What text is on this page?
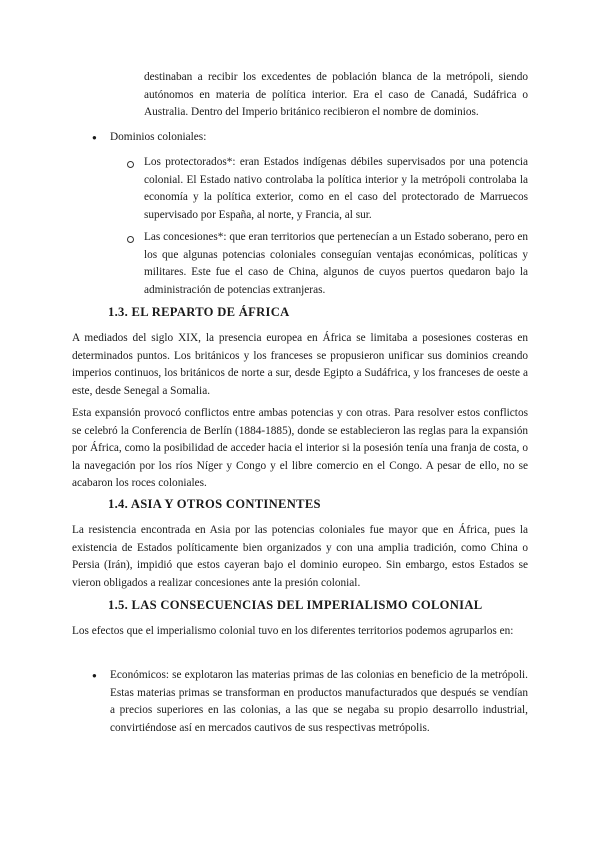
destinaban a recibir los excedentes de población blanca de la metrópoli, siendo autónomos en materia de política interior. Era el caso de Canadá, Sudáfrica o Australia. Dentro del Imperio británico recibieron el nombre de dominios.

● Dominios coloniales:

Los protectorados*: eran Estados indígenas débiles supervisados por una potencia colonial. El Estado nativo controlaba la política interior y la metrópoli controlaba la economía y la política exterior, como en el caso del protectorado de Marruecos supervisado por España, al norte, y Francia, al sur.

Las concesiones*: que eran territorios que pertenecían a un Estado soberano, pero en los que algunas potencias coloniales conseguían ventajas económicas, políticas y militares. Este fue el caso de China, algunos de cuyos puertos quedaron bajo la administración de potencias extranjeras.

1.3. EL REPARTO DE ÁFRICA

A mediados del siglo XIX, la presencia europea en África se limitaba a posesiones costeras en determinados puntos. Los británicos y los franceses se propusieron unificar sus dominios creando imperios continuos, los británicos de norte a sur, desde Egipto a Sudáfrica, y los franceses de oeste a este, desde Senegal a Somalia.

Esta expansión provocó conflictos entre ambas potencias y con otras. Para resolver estos conflictos se celebró la Conferencia de Berlín (1884-1885), donde se establecieron las reglas para la expansión por África, como la posibilidad de acceder hacia el interior si la posesión tenía una franja de costa, o la navegación por los ríos Níger y Congo y el libre comercio en el Congo. A pesar de ello, no se acabaron los roces coloniales.

1.4. ASIA Y OTROS CONTINENTES

La resistencia encontrada en Asia por las potencias coloniales fue mayor que en África, pues la existencia de Estados políticamente bien organizados y con una amplia tradición, como China o Persia (Irán), impidió que estos cayeran bajo el dominio europeo. Sin embargo, estos Estados se vieron obligados a realizar concesiones ante la presión colonial.

1.5. LAS CONSECUENCIAS DEL IMPERIALISMO COLONIAL

Los efectos que el imperialismo colonial tuvo en los diferentes territorios podemos agruparlos en:

● Económicos: se explotaron las materias primas de las colonias en beneficio de la metrópoli. Estas materias primas se transforman en productos manufacturados que después se vendían a precios superiores en las colonias, a las que se negaba su propio desarrollo industrial, convirtiéndose así en mercados cautivos de sus respectivas metrópolis.
